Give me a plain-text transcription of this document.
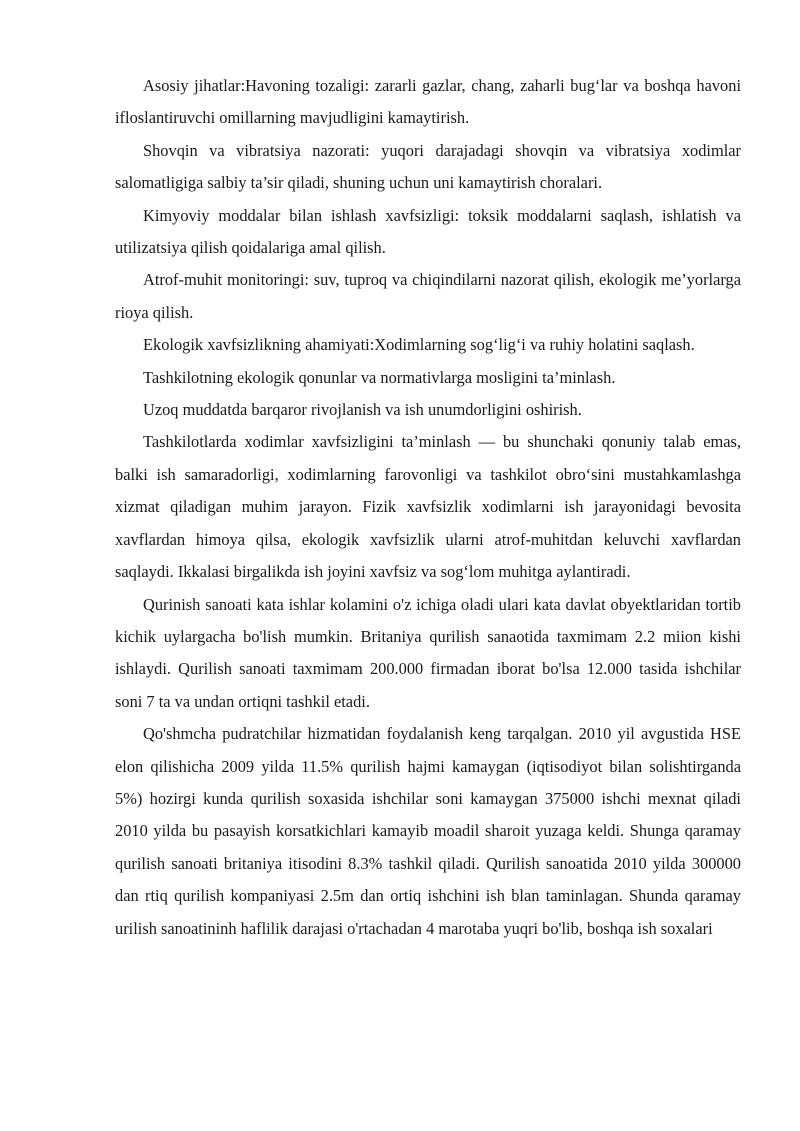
Asosiy jihatlar:Havoning tozaligi: zararli gazlar, chang, zaharli bug‘lar va boshqa havoni ifloslantiruvchi omillarning mavjudligini kamaytirish.

Shovqin va vibratsiya nazorati: yuqori darajadagi shovqin va vibratsiya xodimlar salomatligiga salbiy ta’sir qiladi, shuning uchun uni kamaytirish choralari.

Kimyoviy moddalar bilan ishlash xavfsizligi: toksik moddalarni saqlash, ishlatish va utilizatsiya qilish qoidalariga amal qilish.

Atrof-muhit monitoringi: suv, tuproq va chiqindilarni nazorat qilish, ekologik me’yorlarga rioya qilish.

Ekologik xavfsizlikning ahamiyati:Xodimlarning sog‘lig‘i va ruhiy holatini saqlash.

Tashkilotning ekologik qonunlar va normativlarga mosligini ta’minlash.

Uzoq muddatda barqaror rivojlanish va ish unumdorligini oshirish.

Tashkilotlarda xodimlar xavfsizligini ta’minlash — bu shunchaki qonuniy talab emas, balki ish samaradorligi, xodimlarning farovonligi va tashkilot obro‘sini mustahkamlashga xizmat qiladigan muhim jarayon. Fizik xavfsizlik xodimlarni ish jarayonidagi bevosita xavflardan himoya qilsa, ekologik xavfsizlik ularni atrof-muhitdan keluvchi xavflardan saqlaydi. Ikkalasi birgalikda ish joyini xavfsiz va sog‘lom muhitga aylantiradi.

Qurinish sanoati kata ishlar kolamini o'z ichiga oladi ulari kata davlat obyektlaridan tortib kichik uylargacha bo'lish mumkin. Britaniya qurilish sanaotida taxmimam 2.2 miion kishi ishlaydi. Qurilish sanoati taxmimam 200.000 firmadan iborat bo'lsa 12.000 tasida ishchilar soni 7 ta va undan ortiqni tashkil etadi.

Qo'shmcha pudratchilar hizmatidan foydalanish keng tarqalgan. 2010 yil avgustida HSE elon qilishicha 2009 yilda 11.5% qurilish hajmi kamaygan (iqtisodiyot bilan solishtirganda 5%) hozirgi kunda qurilish soxasida ishchilar soni kamaygan 375000 ishchi mexnat qiladi 2010 yilda bu pasayish korsatkichlari kamayib moadil sharoit yuzaga keldi. Shunga qaramay qurilish sanoati britaniya itisodini 8.3% tashkil qiladi. Qurilish sanoatida 2010 yilda 300000 dan rtiq qurilish kompaniyasi 2.5m dan ortiq ishchini ish blan taminlagan. Shunda qaramay urilish sanoatininh haflilik darajasi o'rtachadan 4 marotaba yuqri bo'lib, boshqa ish soxalari
